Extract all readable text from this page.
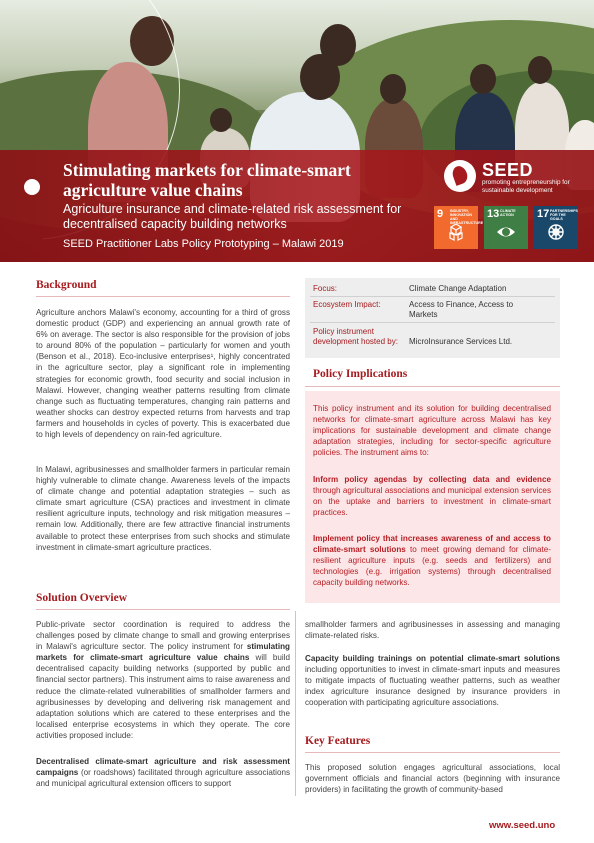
Stimulating markets for climate-smart agriculture value chains
Agriculture insurance and climate-related risk assessment for decentralised capacity building networks
SEED Practitioner Labs Policy Prototyping – Malawi 2019
SEED
promoting entrepreneurship for sustainable development
9 INDUSTRY, INNOVATION AND INFRASTRUCTURE
13 CLIMATE ACTION	17 PARTNERSHIPS FOR THE GOALS
Background
Agriculture anchors Malawi's economy, accounting for a third of gross domestic product (GDP) and experiencing an annual growth rate of 6% on average. The sector is also responsible for the provision of jobs to around 80% of the population – particularly for women and youth (Benson et al., 2018). Eco-inclusive enterprises¹, highly concentrated in the agriculture sector, play a significant role in implementing strategies for economic growth, food security and social inclusion in Malawi. However, changing weather patterns resulting from climate change such as fluctuating temperatures, changing rain patterns and weather shocks can destroy expected returns from harvests and trap farmers and households in cycles of poverty. This is exacerbated due to high levels of dependency on rain-fed agriculture.
In Malawi, agribusinesses and smallholder farmers in particular remain highly vulnerable to climate change. Awareness levels of the impacts of climate change and potential adaptation strategies – such as climate smart agriculture (CSA) practices and investment in climate resilient agriculture inputs, technology and risk mitigation measures – remain low. Additionally, there are few attractive financial instruments available to protect these enterprises from such shocks and stimulate investment in climate-smart agriculture practices.
Solution Overview
Public-private sector coordination is required to address the challenges posed by climate change to small and growing enterprises in Malawi's agriculture sector. The policy instrument for stimulating markets for climate-smart agriculture value chains will build decentralised capacity building networks (supported by public and financial sector partners). This instrument aims to raise awareness and reduce the climate-related vulnerabilities of smallholder farmers and agribusinesses by developing and delivering risk management and adaptation solutions which are catered to these enterprises and the localised enterprise ecosystems in which they operate. The core activities proposed include:
Decentralised climate-smart agriculture and risk assessment campaigns (or roadshows) facilitated through agriculture associations and municipal agricultural extension officers to support
Focus:	Climate Change Adaptation
Ecosystem Impact:	Access to Finance, Access to Markets
Policy instrument development hosted by:	MicroInsurance Services Ltd.
Policy Implications
This policy instrument and its solution for building decentralised networks for climate-smart agriculture across Malawi has key implications for sustainable development and climate change adaptation strategies, including for sector-specific agriculture policies. The instrument aims to:
Inform policy agendas by collecting data and evidence through agricultural associations and municipal extension services on the uptake and barriers to investment in climate-smart practices.
Implement policy that increases awareness of and access to climate-smart solutions to meet growing demand for climate-resilient agriculture inputs (e.g. seeds and fertilizers) and technologies (e.g. irrigation systems) through decentralised capacity building networks.
smallholder farmers and agribusinesses in assessing and managing climate-related risks.
Capacity building trainings on potential climate-smart solutions including opportunities to invest in climate-smart inputs and measures to mitigate impacts of fluctuating weather patterns, such as weather index agriculture insurance designed by insurance providers in cooperation with participating agriculture associations.
Key Features
This proposed solution engages agricultural associations, local government officials and financial actors (beginning with insurance providers) in facilitating the growth of community-based
www.seed.uno
